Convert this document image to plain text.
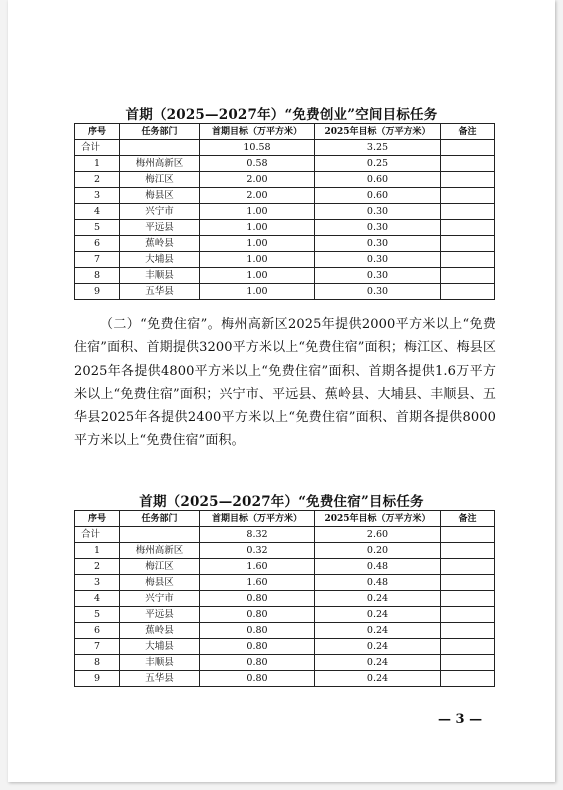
首期（2025—2027年）“免费创业”空间目标任务
序号	任务部门	首期目标（万平方米）	2025年目标（万平方米）	备注
合计		10.58	3.25	
1	梅州高新区	0.58	0.25	
2	梅江区	2.00	0.60	
3	梅县区	2.00	0.60	
4	兴宁市	1.00	0.30	
5	平远县	1.00	0.30	
6	蕉岭县	1.00	0.30	
7	大埔县	1.00	0.30	
8	丰顺县	1.00	0.30	
9	五华县	1.00	0.30	
（二）“免费住宿”。梅州高新区2025年提供2000平方米以上“免费住宿”面积、首期提供3200平方米以上“免费住宿”面积；梅江区、梅县区2025年各提供4800平方米以上“免费住宿”面积、首期各提供1.6万平方米以上“免费住宿”面积；兴宁市、平远县、蕉岭县、大埔县、丰顺县、五华县2025年各提供2400平方米以上“免费住宿”面积、首期各提供8000平方米以上“免费住宿”面积。
首期（2025—2027年）“免费住宿”目标任务
序号	任务部门	首期目标（万平方米）	2025年目标（万平方米）	备注
合计		8.32	2.60	
1	梅州高新区	0.32	0.20	
2	梅江区	1.60	0.48	
3	梅县区	1.60	0.48	
4	兴宁市	0.80	0.24	
5	平远县	0.80	0.24	
6	蕉岭县	0.80	0.24	
7	大埔县	0.80	0.24	
8	丰顺县	0.80	0.24	
9	五华县	0.80	0.24	
— 3 —
